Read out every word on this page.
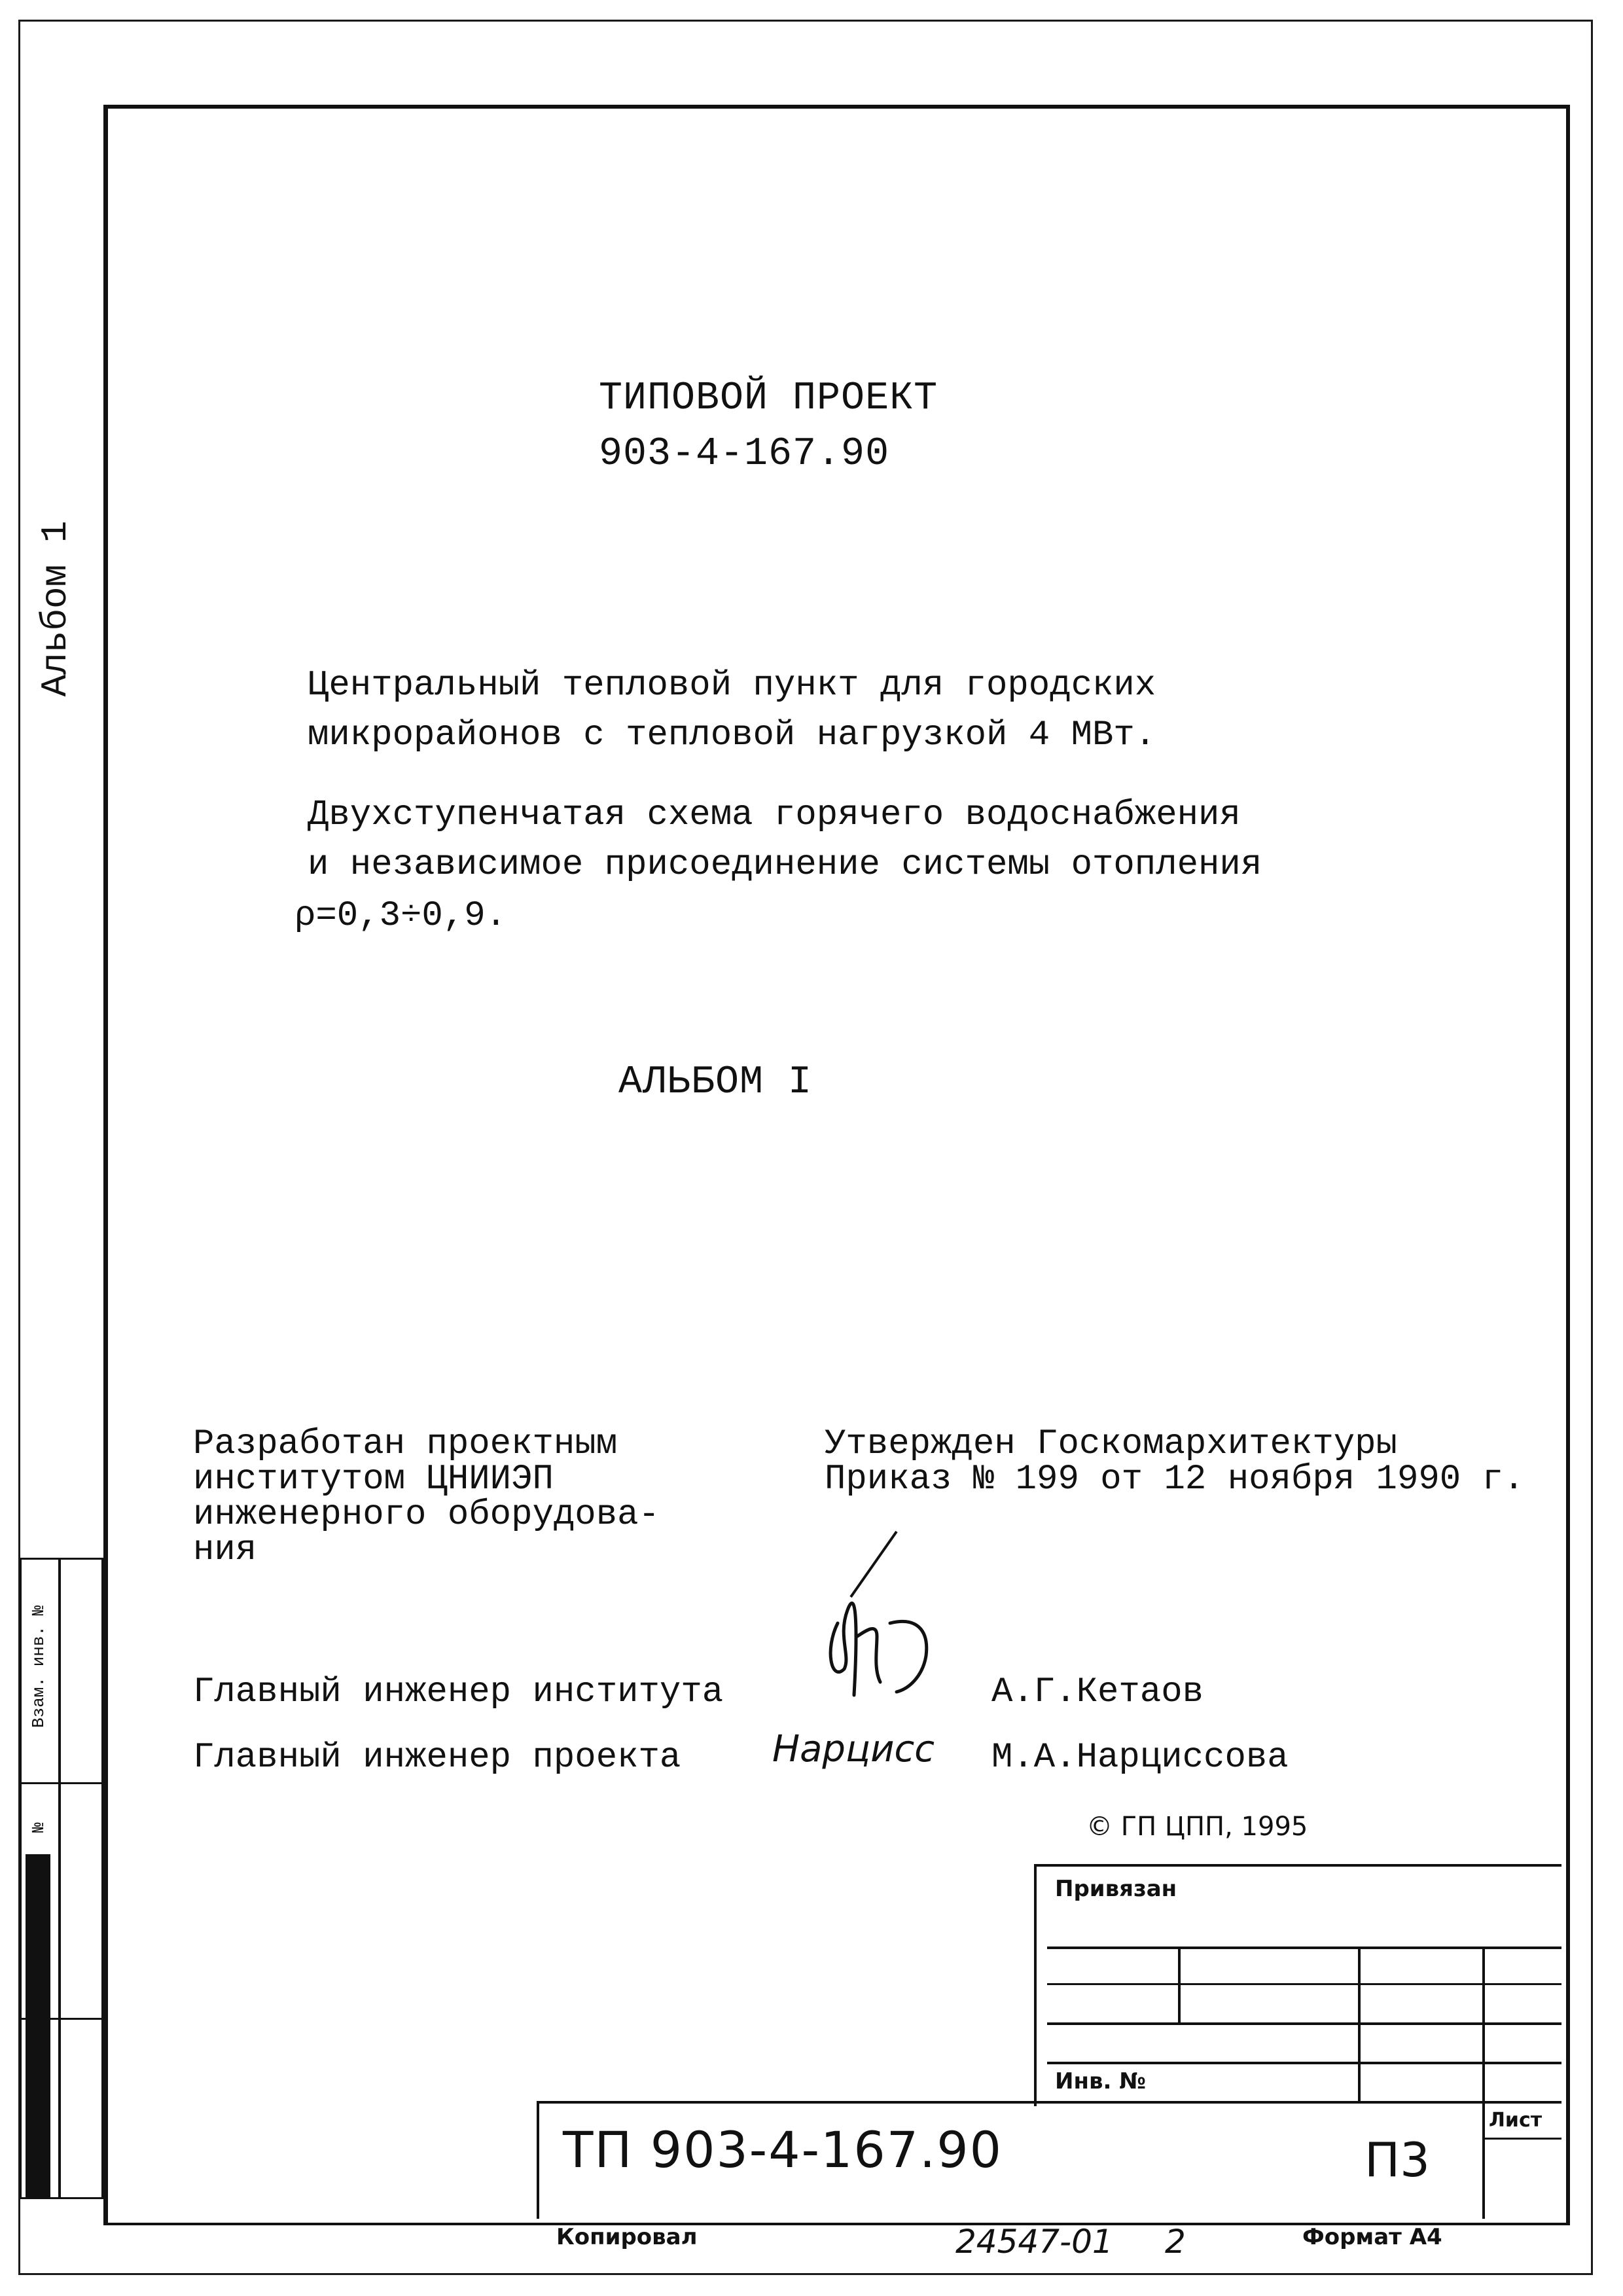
Альбом 1
Взам. инв. №
№
ТИПОВОЙ ПРОЕКТ
903-4-167.90
Центральный тепловой пункт для городских
микрорайонов с тепловой нагрузкой 4 МВт.
Двухступенчатая схема горячего водоснабжения
и независимое присоединение системы отопления
ρ=0,3÷0,9.
АЛЬБОМ I
Разработан проектным
институтом ЦНИИЭП
инженерного оборудова-
ния
Утвержден Госкомархитектуры
Приказ № 199 от 12 ноября 1990 г.
Главный инженер института	А.Г.Кетаов
Главный инженер проекта	М.А.Нарциссова
Нарцисс
© ГП ЦПП, 1995
Привязан
Инв. №
Лист
ТП 903-4-167.90	П3
Копировал	24547-01 2	Формат А4
